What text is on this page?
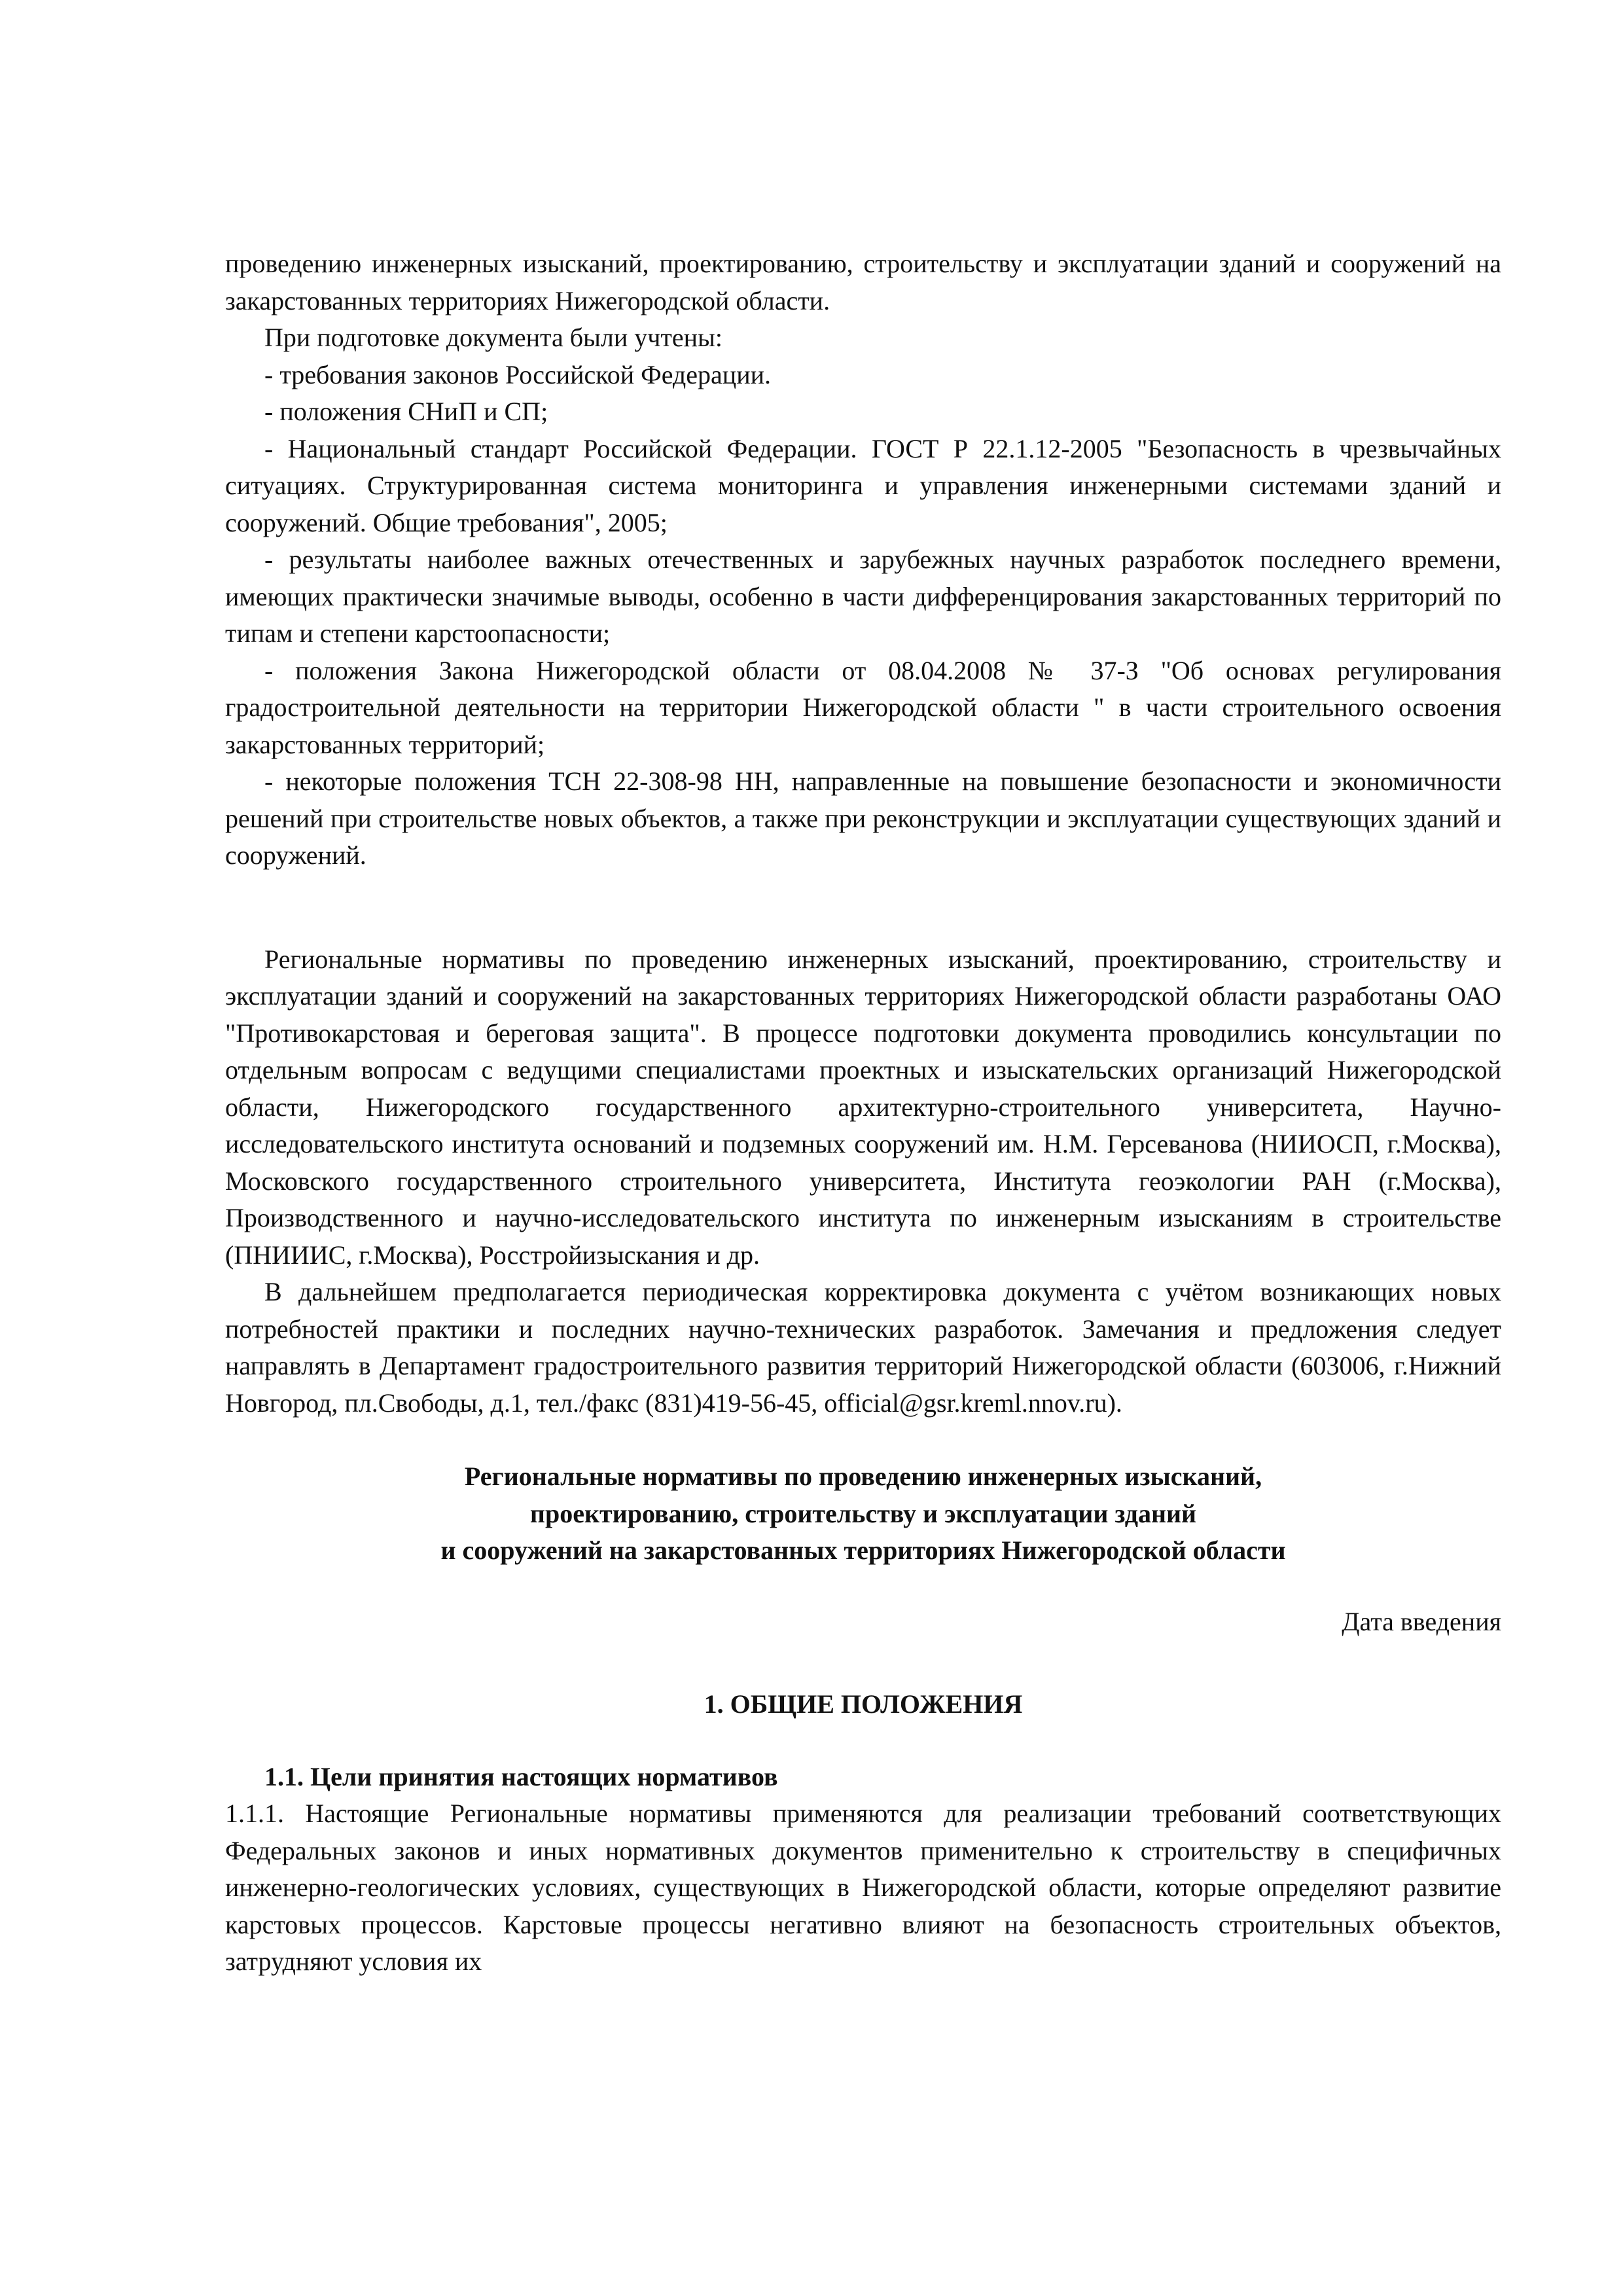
проведению инженерных изысканий, проектированию, строительству и эксплуатации зданий и сооружений на закарстованных территориях Нижегородской области.

При подготовке документа были учтены:

- требования законов Российской Федерации.

- положения СНиП и СП;

- Национальный стандарт Российской Федерации. ГОСТ Р 22.1.12-2005 "Безопасность в чрезвычайных ситуациях. Структурированная система мониторинга и управления инженерными системами зданий и сооружений. Общие требования", 2005;

- результаты наиболее важных отечественных и зарубежных научных разработок последнего времени, имеющих практически значимые выводы, особенно в части дифференцирования закарстованных территорий по типам и степени карстоопасности;

- положения Закона Нижегородской области от 08.04.2008 № 37-З "Об основах регулирования градостроительной деятельности на территории Нижегородской области " в части строительного освоения закарстованных территорий;

- некоторые положения ТСН 22-308-98 НН, направленные на повышение безопасности и экономичности решений при строительстве новых объектов, а также при реконструкции и эксплуатации существующих зданий и сооружений.

Региональные нормативы по проведению инженерных изысканий, проектированию, строительству и эксплуатации зданий и сооружений на закарстованных территориях Нижегородской области разработаны ОАО "Противокарстовая и береговая защита". В процессе подготовки документа проводились консультации по отдельным вопросам с ведущими специалистами проектных и изыскательских организаций Нижегородской области, Нижегородского государственного архитектурно-строительного университета, Научно-исследовательского института оснований и подземных сооружений им. Н.М. Герсеванова (НИИОСП, г.Москва), Московского государственного строительного университета, Института геоэкологии РАН (г.Москва), Производственного и научно-исследовательского института по инженерным изысканиям в строительстве (ПНИИИС, г.Москва), Росстройизыскания и др.

В дальнейшем предполагается периодическая корректировка документа с учётом возникающих новых потребностей практики и последних научно-технических разработок. Замечания и предложения следует направлять в Департамент градостроительного развития территорий Нижегородской области (603006, г.Нижний Новгород, пл.Свободы, д.1, тел./факс (831)419-56-45, official@gsr.kreml.nnov.ru).

Региональные нормативы по проведению инженерных изысканий,
проектированию, строительству и эксплуатации зданий
и сооружений на закарстованных территориях Нижегородской области

Дата введения

1. ОБЩИЕ ПОЛОЖЕНИЯ

1.1. Цели принятия настоящих нормативов

1.1.1. Настоящие Региональные нормативы применяются для реализации требований соответствующих Федеральных законов и иных нормативных документов применительно к строительству в специфичных инженерно-геологических условиях, существующих в Нижегородской области, которые определяют развитие карстовых процессов. Карстовые процессы негативно влияют на безопасность строительных объектов, затрудняют условия их
